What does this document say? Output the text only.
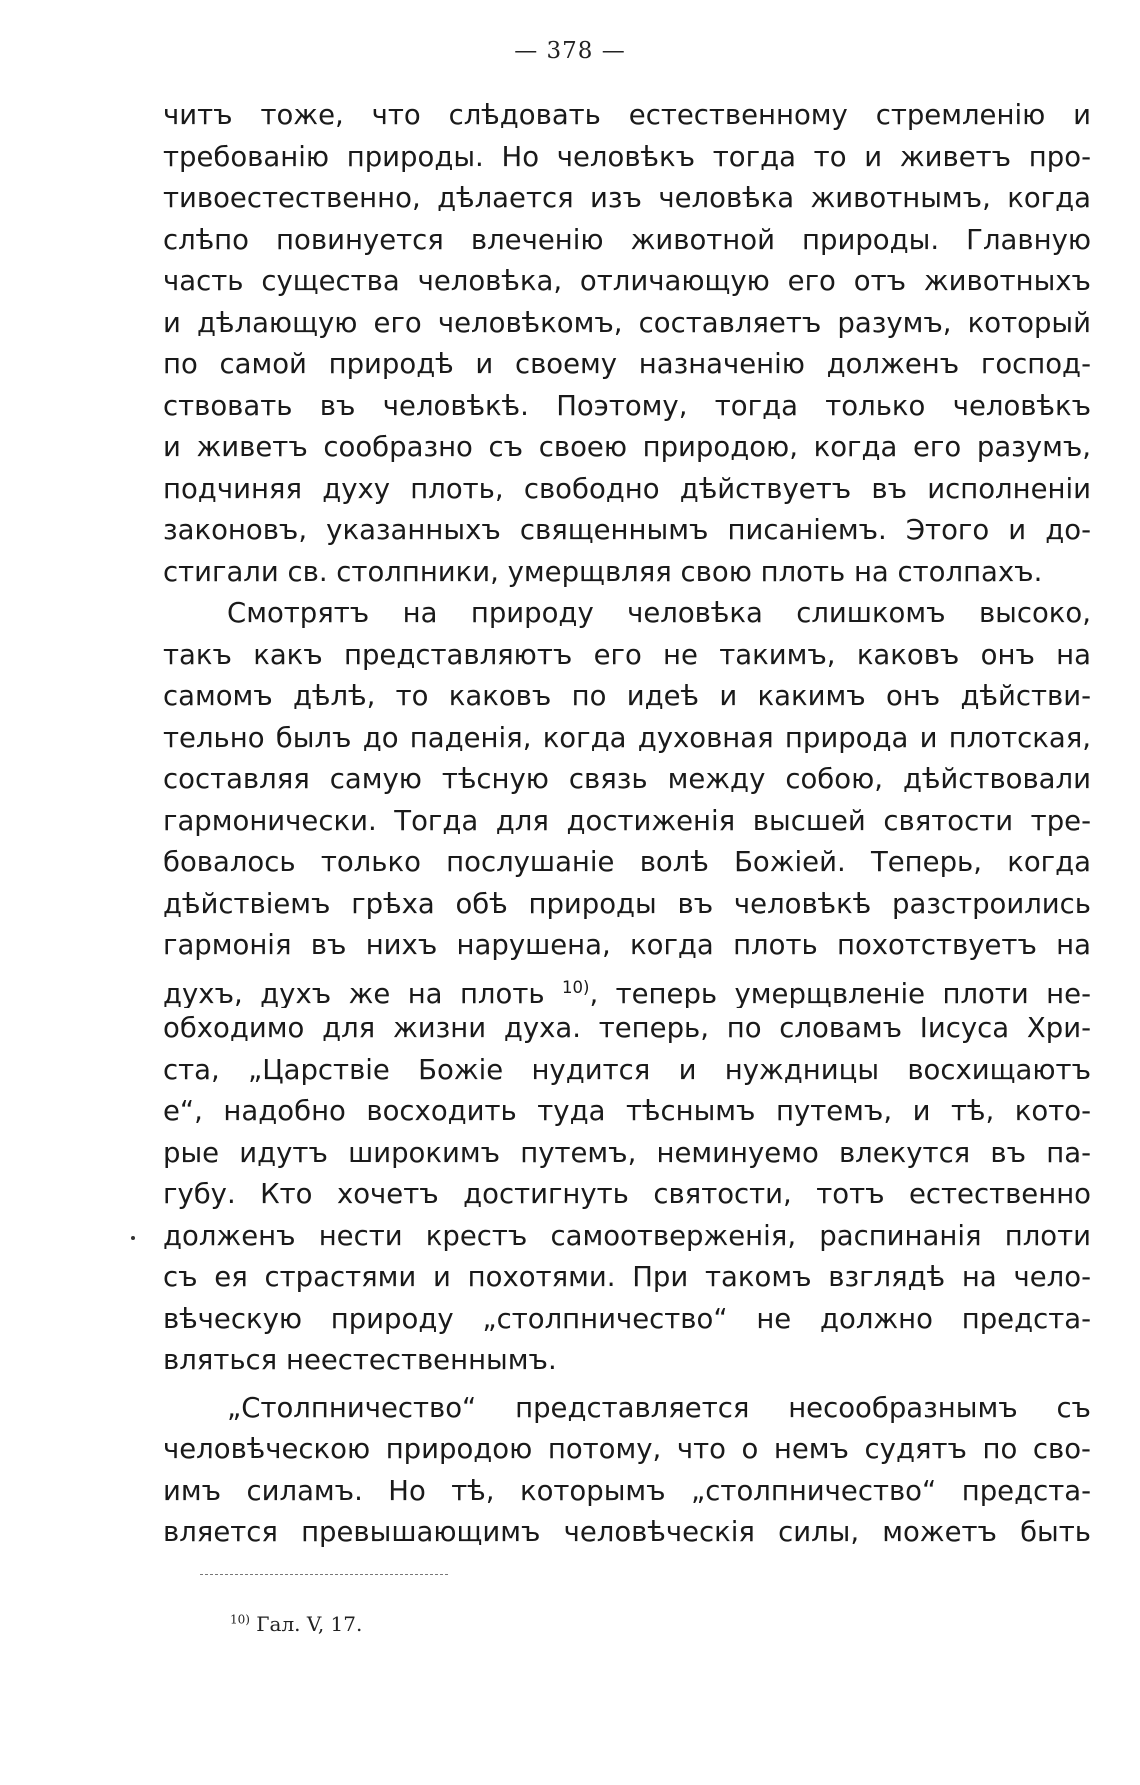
— 378 —
читъ тоже, что слѣдовать естественному стремленію и
требованію природы. Но человѣкъ тогда то и живетъ про-
тивоестественно, дѣлается изъ человѣка животнымъ, когда
слѣпо повинуется влеченію животной природы. Главную
часть существа человѣка, отличающую его отъ животныхъ
и дѣлающую его человѣкомъ, составляетъ разумъ, который
по самой природѣ и своему назначенію долженъ господ-
ствовать въ человѣкѣ. Поэтому, тогда только человѣкъ
и живетъ сообразно съ своею природою, когда его разумъ,
подчиняя духу плоть, свободно дѣйствуетъ въ исполненіи
законовъ, указанныхъ священнымъ писаніемъ. Этого и до-
стигали св. столпники, умерщвляя свою плоть на столпахъ.
Смотрятъ на природу человѣка слишкомъ высоко,
такъ какъ представляютъ его не такимъ, каковъ онъ на
самомъ дѣлѣ, то каковъ по идеѣ и какимъ онъ дѣйстви-
тельно былъ до паденія, когда духовная природа и плотская,
составляя самую тѣсную связь между собою, дѣйствовали
гармонически. Тогда для достиженія высшей святости тре-
бовалось только послушаніе волѣ Божіей. Теперь, когда
дѣйствіемъ грѣха обѣ природы въ человѣкѣ разстроились
гармонія въ нихъ нарушена, когда плоть похотствуетъ на
духъ, духъ же на плоть $^{10)}$, теперь умерщвленіе плоти не-
обходимо для жизни духа. теперь, по словамъ Іисуса Хри-
ста, „Царствіе Божіе нудится и нуждницы восхищаютъ
е“, надобно восходить туда тѣснымъ путемъ, и тѣ, кото-
рые идутъ широкимъ путемъ, неминуемо влекутся въ па-
губу. Кто хочетъ достигнуть святости, тотъ естественно
долженъ нести крестъ самоотверженія, распинанія плоти
съ ея страстями и похотями. При такомъ взглядѣ на чело-
вѣческую природу „столпничество“ не должно предста-
вляться неестественнымъ.
„Столпничество“ представляется несообразнымъ съ
человѣческою природою потому, что о немъ судятъ по сво-
имъ силамъ. Но тѣ, которымъ „столпничество“ предста-
вляется превышающимъ человѣческія силы, можетъ быть
$^{10)}$ Гал. V, 17.
